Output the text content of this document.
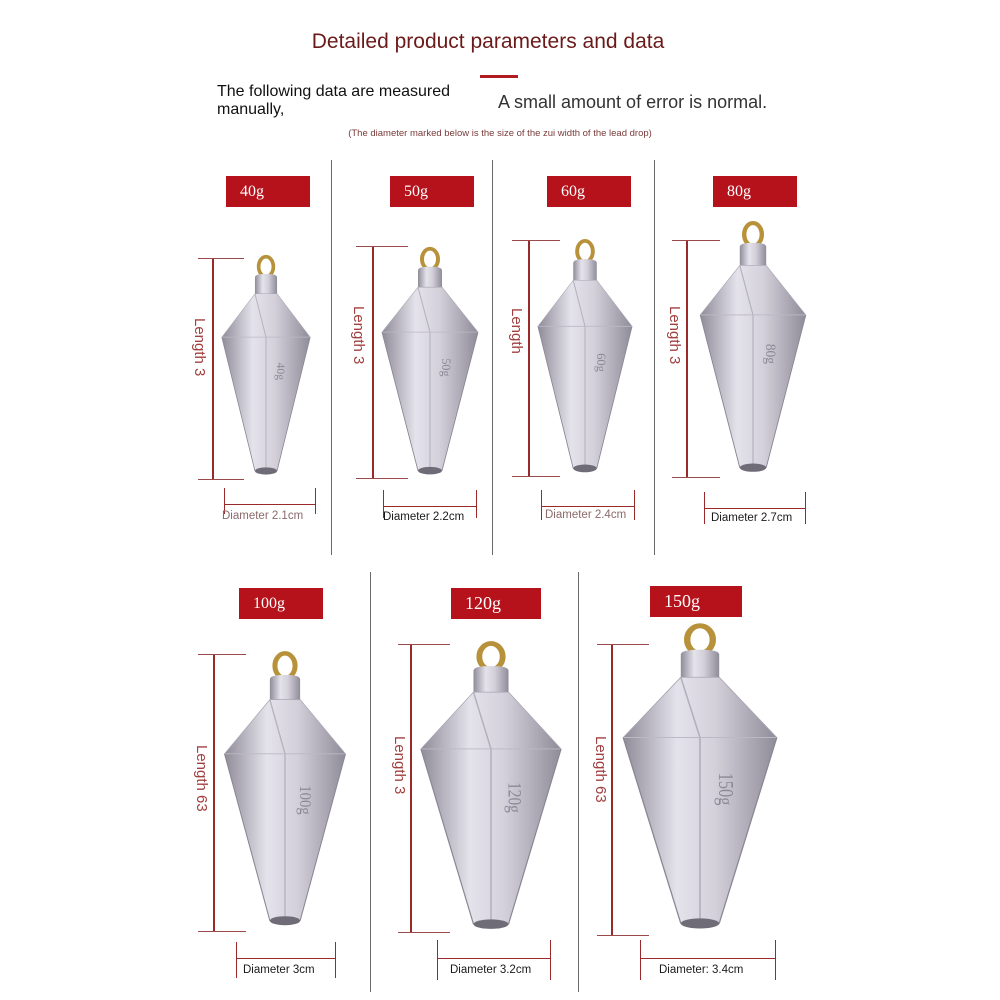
Detailed product parameters and data
The following data are measured manually,	A small amount of error is normal.
(The diameter marked below is the size of the zui width of the lead drop)
40g
Length 3	40g
Diameter 2.1cm
50g
Length 3
50g
Diameter 2.2cm
60g
Length
60g
Diameter 2.4cm
80g
Length 3	80g
Diameter 2.7cm
100g
Length 63	100g
Diameter 3cm
120g
Length 3
120g
Diameter 3.2cm
150g
Length 63	150g
Diameter: 3.4cm
